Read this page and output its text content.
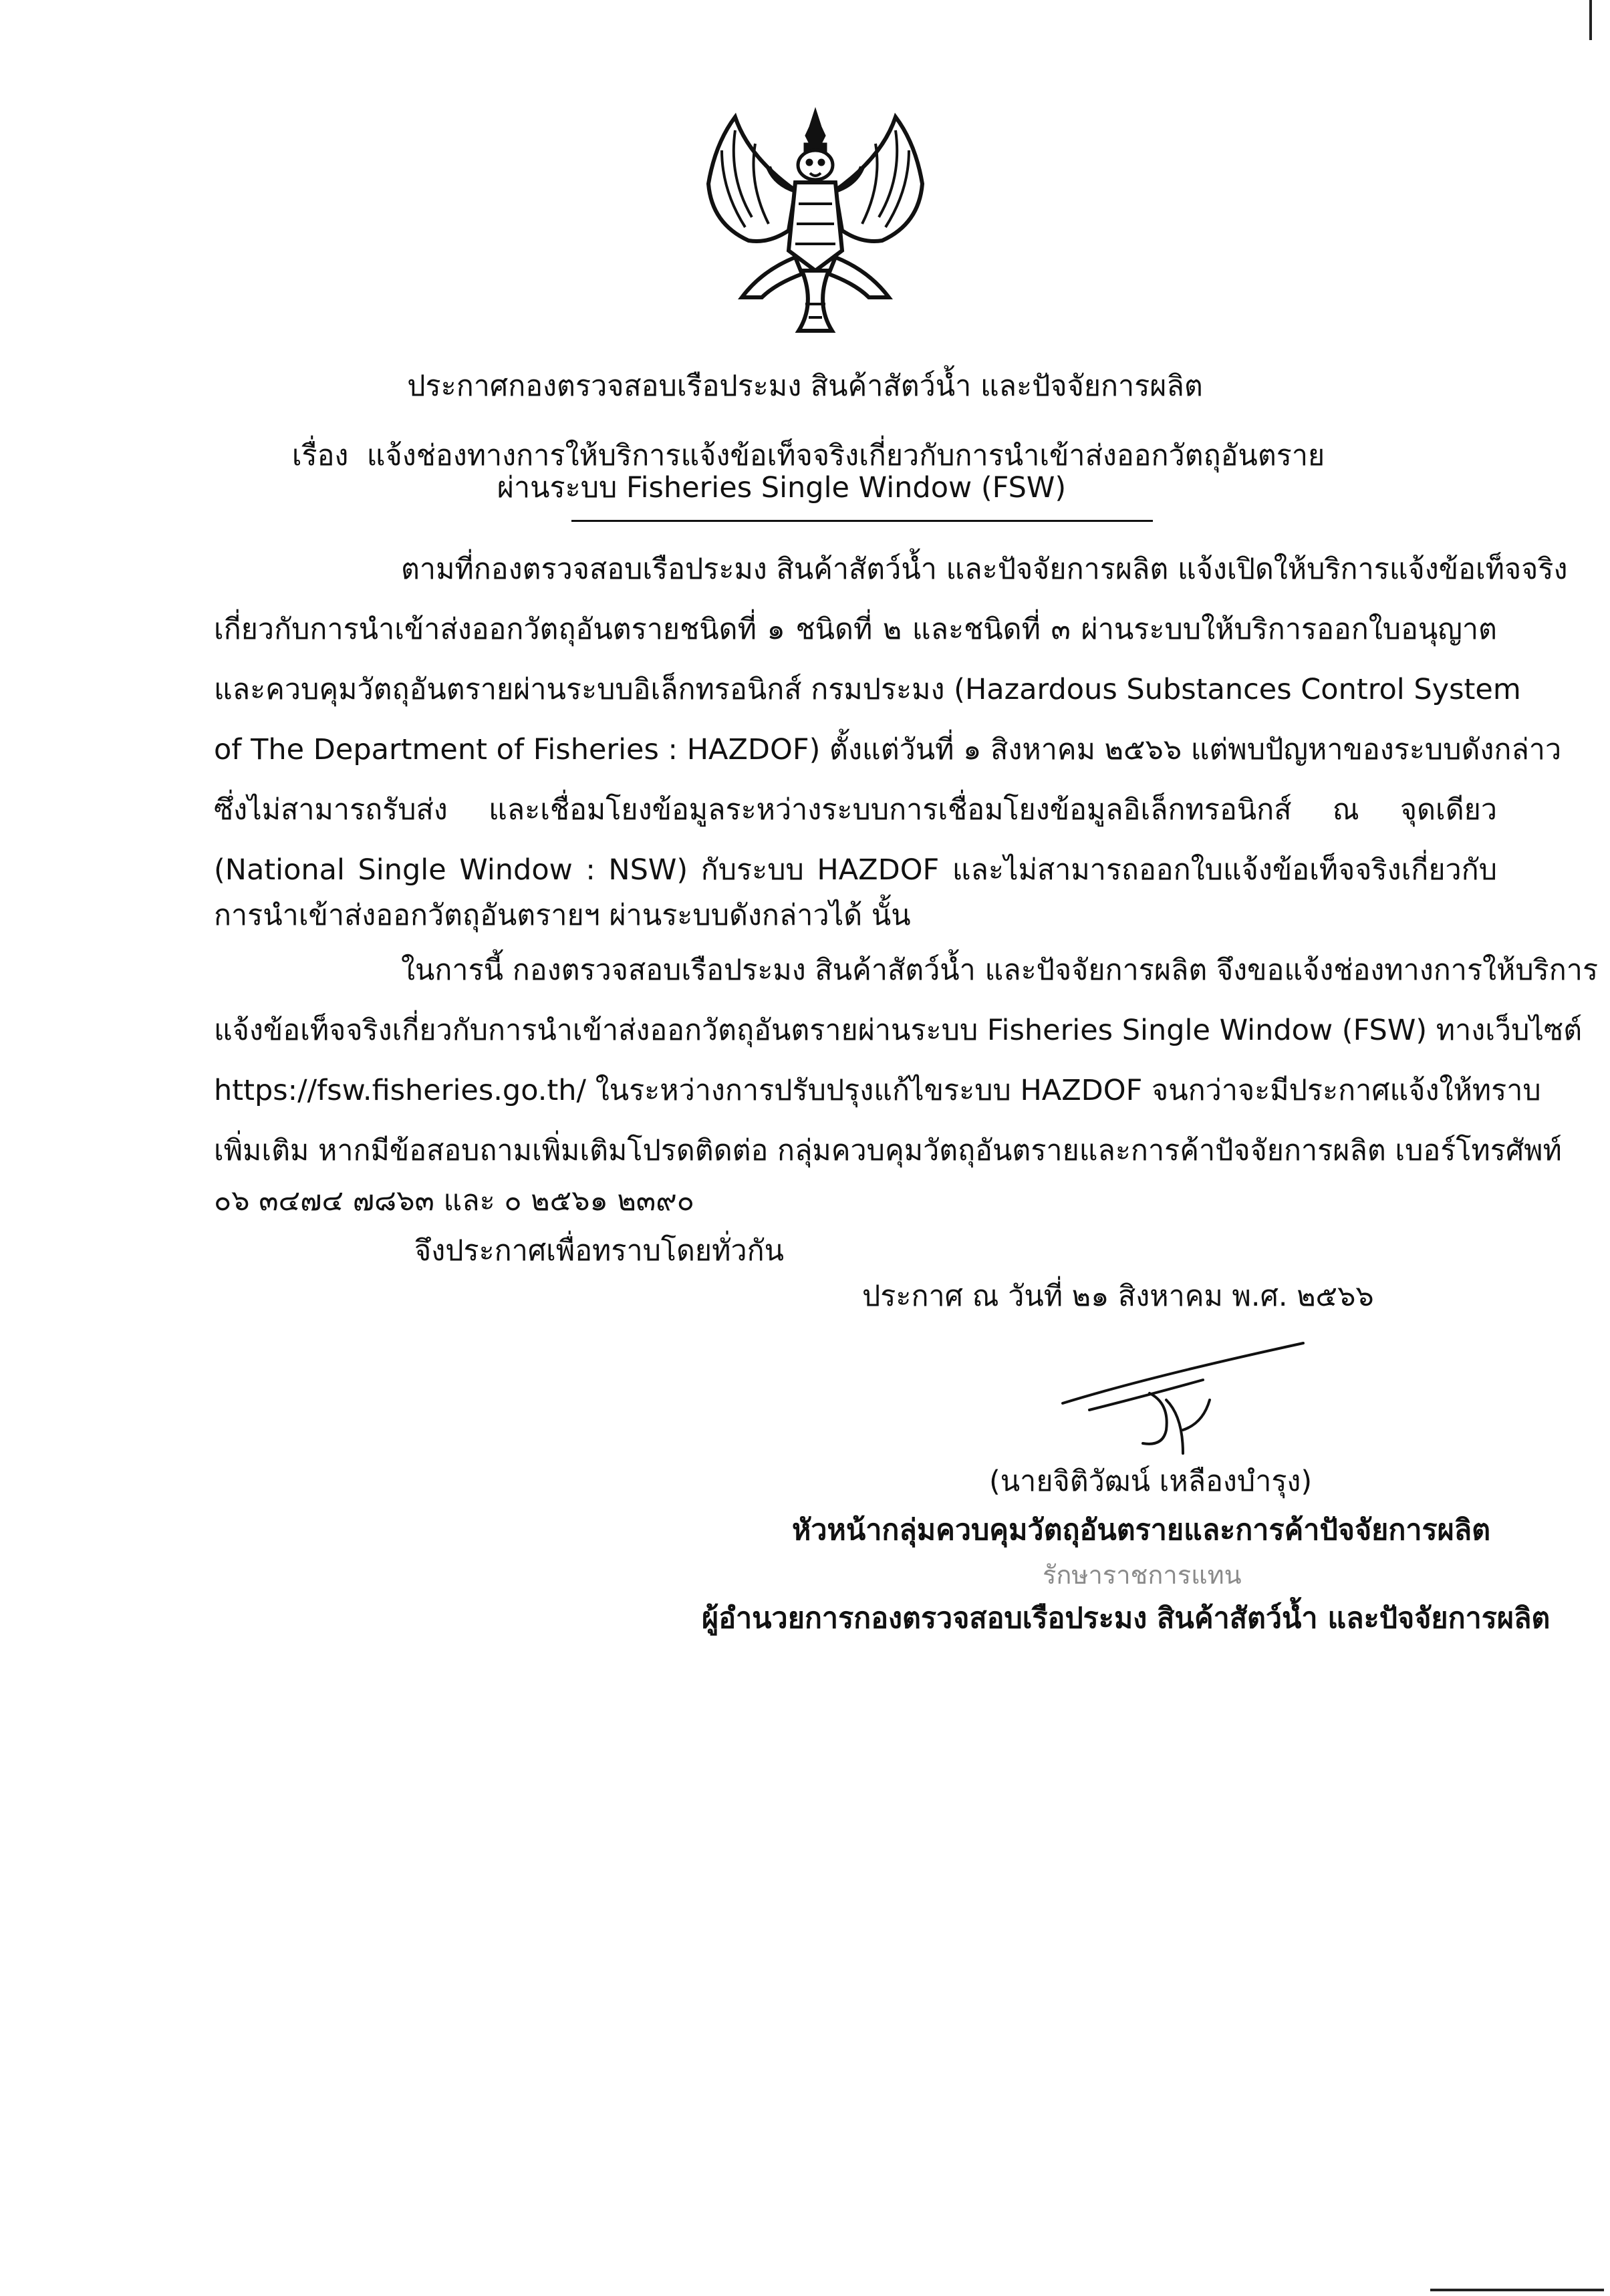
ประกาศกองตรวจสอบเรือประมง สินค้าสัตว์น้ำ และปัจจัยการผลิต
เรื่อง แจ้งช่องทางการให้บริการแจ้งข้อเท็จจริงเกี่ยวกับการนำเข้าส่งออกวัตถุอันตราย
ผ่านระบบ Fisheries Single Window (FSW)
ตามที่กองตรวจสอบเรือประมง สินค้าสัตว์น้ำ และปัจจัยการผลิต แจ้งเปิดให้บริการแจ้งข้อเท็จจริง
เกี่ยวกับการนำเข้าส่งออกวัตถุอันตรายชนิดที่ ๑ ชนิดที่ ๒ และชนิดที่ ๓ ผ่านระบบให้บริการออกใบอนุญาต
และควบคุมวัตถุอันตรายผ่านระบบอิเล็กทรอนิกส์ กรมประมง (Hazardous Substances Control System
of The Department of Fisheries : HAZDOF) ตั้งแต่วันที่ ๑ สิงหาคม ๒๕๖๖ แต่พบปัญหาของระบบดังกล่าว
ซึ่งไม่สามารถรับส่ง และเชื่อมโยงข้อมูลระหว่างระบบการเชื่อมโยงข้อมูลอิเล็กทรอนิกส์ ณ จุดเดียว
(National Single Window : NSW) กับระบบ HAZDOF และไม่สามารถออกใบแจ้งข้อเท็จจริงเกี่ยวกับ
การนำเข้าส่งออกวัตถุอันตรายฯ ผ่านระบบดังกล่าวได้ นั้น
ในการนี้ กองตรวจสอบเรือประมง สินค้าสัตว์น้ำ และปัจจัยการผลิต จึงขอแจ้งช่องทางการให้บริการ
แจ้งข้อเท็จจริงเกี่ยวกับการนำเข้าส่งออกวัตถุอันตรายผ่านระบบ Fisheries Single Window (FSW) ทางเว็บไซต์
https://fsw.fisheries.go.th/ ในระหว่างการปรับปรุงแก้ไขระบบ HAZDOF จนกว่าจะมีประกาศแจ้งให้ทราบ
เพิ่มเติม หากมีข้อสอบถามเพิ่มเติมโปรดติดต่อ กลุ่มควบคุมวัตถุอันตรายและการค้าปัจจัยการผลิต เบอร์โทรศัพท์
๐๖ ๓๔๗๔ ๗๘๖๓ และ ๐ ๒๕๖๑ ๒๓๙๐
จึงประกาศเพื่อทราบโดยทั่วกัน
ประกาศ ณ วันที่ ๒๑ สิงหาคม พ.ศ. ๒๕๖๖
(นายจิติวัฒน์ เหลืองบำรุง)
หัวหน้ากลุ่มควบคุมวัตถุอันตรายและการค้าปัจจัยการผลิต
รักษาราชการแทน
ผู้อำนวยการกองตรวจสอบเรือประมง สินค้าสัตว์น้ำ และปัจจัยการผลิต
